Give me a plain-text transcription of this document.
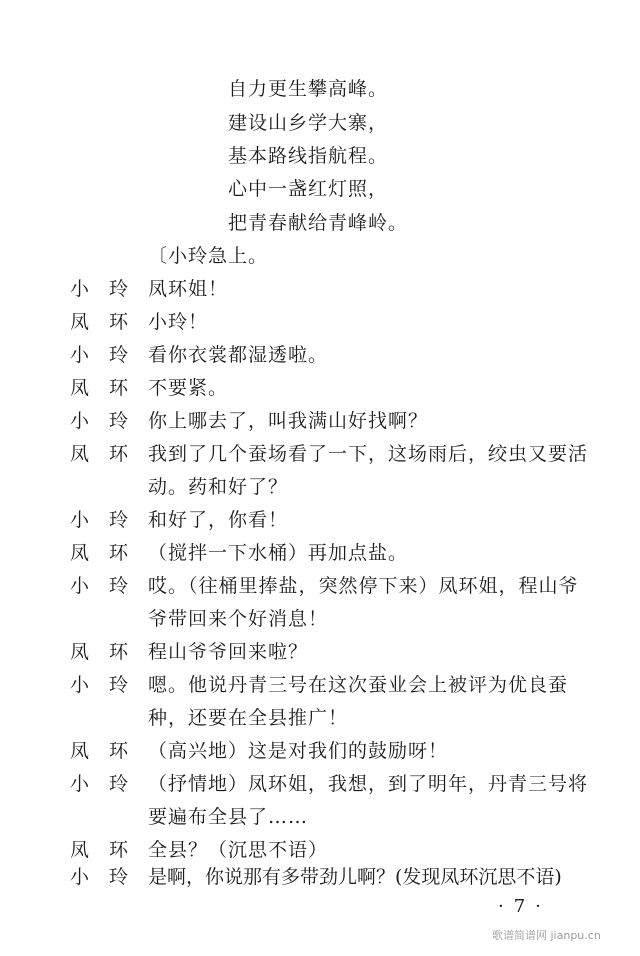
自力更生攀高峰。
建设山乡学大寨，
基本路线指航程。
心中一盏红灯照，
把青春献给青峰岭。
〔小玲急上。
小玲 凤环姐！
凤环 小玲！
小玲 看你衣裳都湿透啦。
凤环 不要紧。
小玲 你上哪去了，叫我满山好找啊？
凤环 我到了几个蚕场看了一下，这场雨后，绞虫又要活
动。药和好了？
小玲 和好了，你看！
凤环 （搅拌一下水桶）再加点盐。
小玲 哎。（往桶里捧盐，突然停下来）凤环姐，程山爷
爷带回来个好消息！
凤环 程山爷爷回来啦？
小玲 嗯。他说丹青三号在这次蚕业会上被评为优良蚕
种，还要在全县推广！
凤环 （高兴地）这是对我们的鼓励呀！
小玲 （抒情地）凤环姐，我想，到了明年，丹青三号将
要遍布全县了……
凤环 全县？（沉思不语）
小玲 是啊，你说那有多带劲儿啊？(发现凤环沉思不语)
·7·
歌谱简谱网 jianpu.cn
